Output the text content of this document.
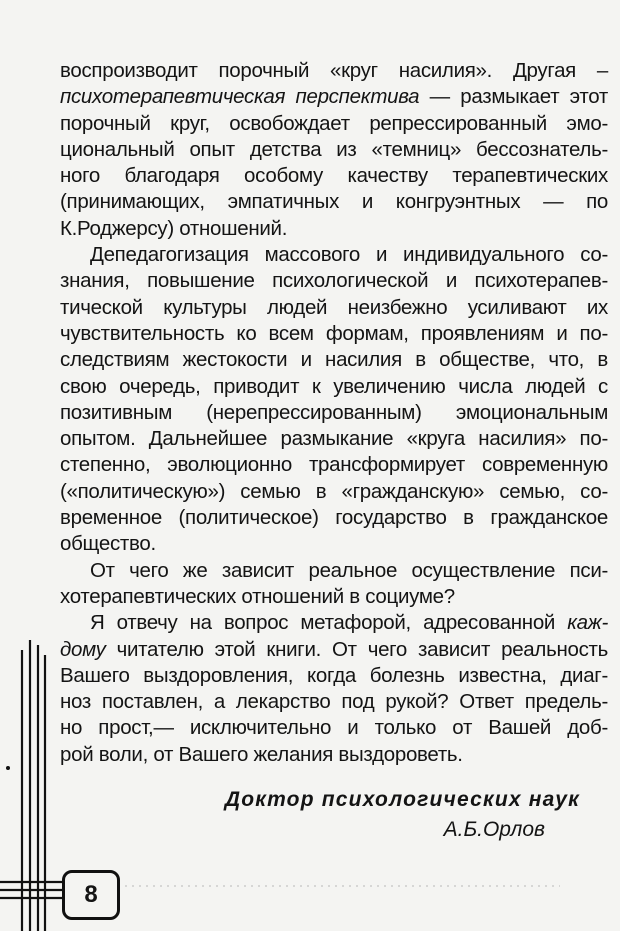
воспроизводит порочный «круг насилия». Другая –
психотерапевтическая перспектива — размыкает этот
порочный круг, освобождает репрессированный эмо-
циональный опыт детства из «темниц» бессознатель-
ного благодаря особому качеству терапевтических
(принимающих, эмпатичных и конгруэнтных — по
К.Роджерсу) отношений.
Депедагогизация массового и индивидуального со-
знания, повышение психологической и психотерапев-
тической культуры людей неизбежно усиливают их
чувствительность ко всем формам, проявлениям и по-
следствиям жестокости и насилия в обществе, что, в
свою очередь, приводит к увеличению числа людей с
позитивным (нерепрессированным) эмоциональным
опытом. Дальнейшее размыкание «круга насилия» по-
степенно, эволюционно трансформирует современную
(«политическую») семью в «гражданскую» семью, со-
временное (политическое) государство в гражданское
общество.
От чего же зависит реальное осуществление пси-
хотерапевтических отношений в социуме?
Я отвечу на вопрос метафорой, адресованной каж-
дому читателю этой книги. От чего зависит реальность
Вашего выздоровления, когда болезнь известна, диаг-
ноз поставлен, а лекарство под рукой? Ответ предель-
но прост,— исключительно и только от Вашей доб-
рой воли, от Вашего желания выздороветь.
Доктор психологических наук
А.Б.Орлов
8
